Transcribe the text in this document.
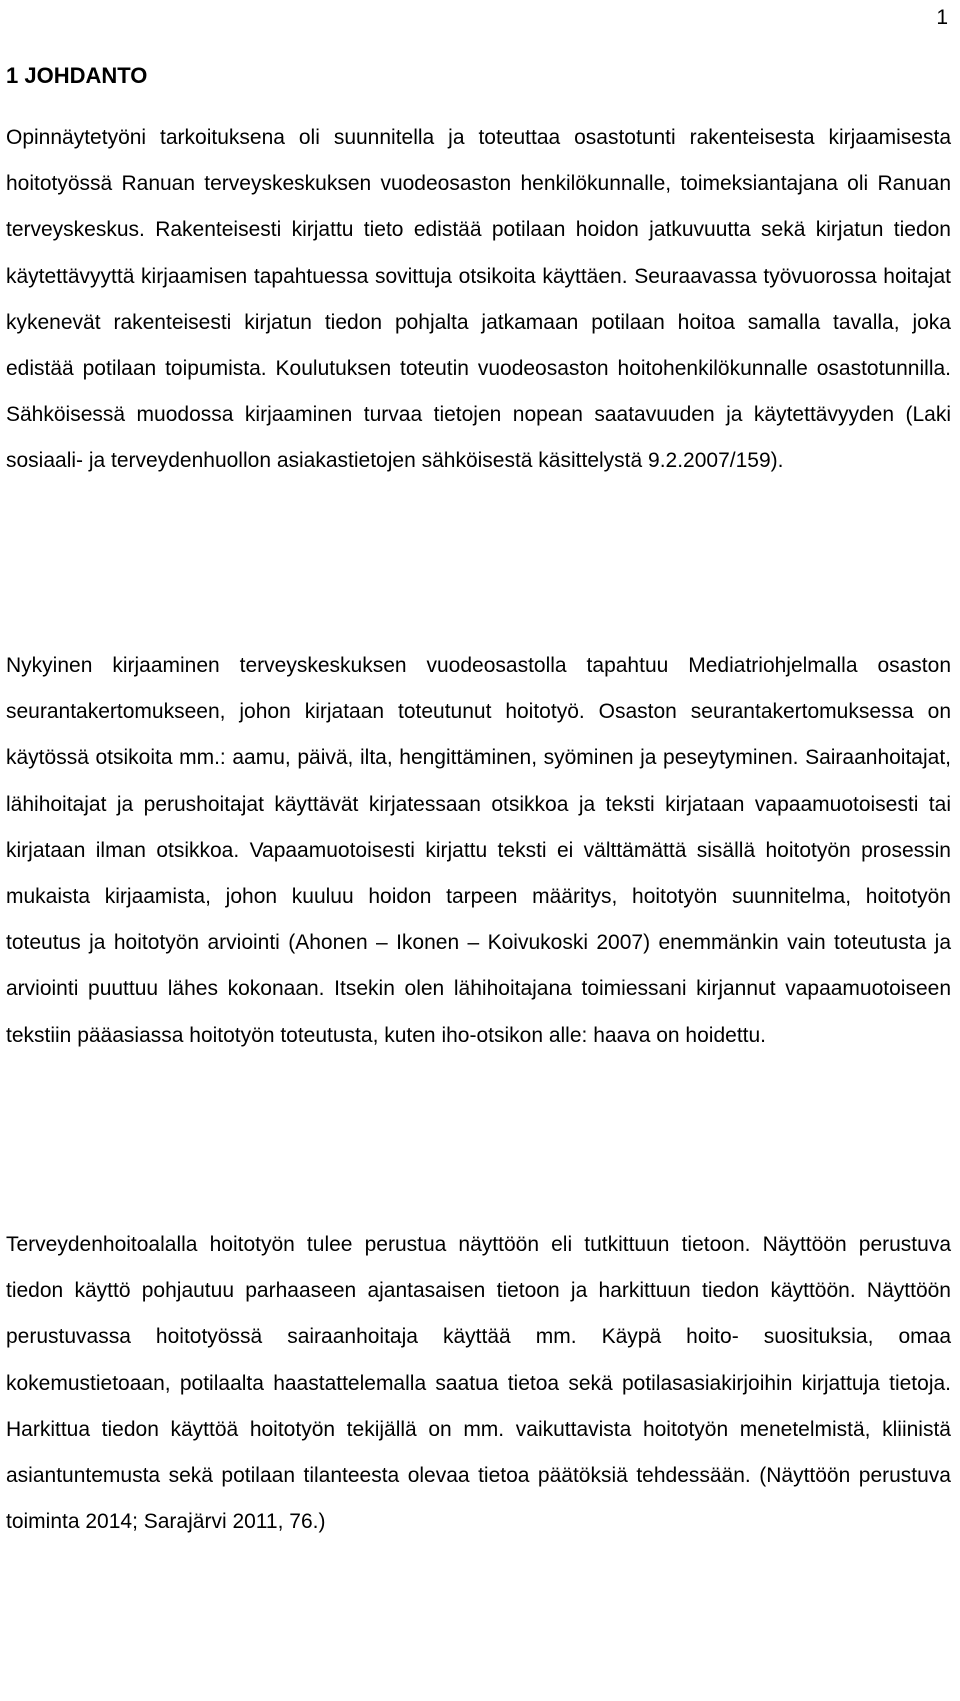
1
1 JOHDANTO

Opinnäytetyöni tarkoituksena oli suunnitella ja toteuttaa osastotunti rakenteisesta kirjaamisesta hoitotyössä Ranuan terveyskeskuksen vuodeosaston henkilökunnalle, toimeksiantajana oli Ranuan terveyskeskus. Rakenteisesti kirjattu tieto edistää potilaan hoidon jatkuvuutta sekä kirjatun tiedon käytettävyyttä kirjaamisen tapahtuessa sovittuja otsikoita käyttäen. Seuraavassa työvuorossa hoitajat kykenevät rakenteisesti kirjatun tiedon pohjalta jatkamaan potilaan hoitoa samalla tavalla, joka edistää potilaan toipumista. Koulutuksen toteutin vuodeosaston hoitohenkilökunnalle osastotunnilla. Sähköisessä muodossa kirjaaminen turvaa tietojen nopean saatavuuden ja käytettävyyden (Laki sosiaali- ja terveydenhuollon asiakastietojen sähköisestä käsittelystä 9.2.2007/159).

Nykyinen kirjaaminen terveyskeskuksen vuodeosastolla tapahtuu Mediatriohjelmalla osaston seurantakertomukseen, johon kirjataan toteutunut hoitotyö. Osaston seurantakertomuksessa on käytössä otsikoita mm.: aamu, päivä, ilta, hengittäminen, syöminen ja peseytyminen. Sairaanhoitajat, lähihoitajat ja perushoitajat käyttävät kirjatessaan otsikkoa ja teksti kirjataan vapaamuotoisesti tai kirjataan ilman otsikkoa. Vapaamuotoisesti kirjattu teksti ei välttämättä sisällä hoitotyön prosessin mukaista kirjaamista, johon kuuluu hoidon tarpeen määritys, hoitotyön suunnitelma, hoitotyön toteutus ja hoitotyön arviointi (Ahonen – Ikonen – Koivukoski 2007) enemmänkin vain toteutusta ja arviointi puuttuu lähes kokonaan. Itsekin olen lähihoitajana toimiessani kirjannut vapaamuotoiseen tekstiin pääasiassa hoitotyön toteutusta, kuten iho-otsikon alle: haava on hoidettu.

Terveydenhoitoalalla hoitotyön tulee perustua näyttöön eli tutkittuun tietoon. Näyttöön perustuva tiedon käyttö pohjautuu parhaaseen ajantasaisen tietoon ja harkittuun tiedon käyttöön. Näyttöön perustuvassa hoitotyössä sairaanhoitaja käyttää mm. Käypä hoito- suosituksia, omaa kokemustietoaan, potilaalta haastattelemalla saatua tietoa sekä potilasasiakirjoihin kirjattuja tietoja. Harkittua tiedon käyttöä hoitotyön tekijällä on mm. vaikuttavista hoitotyön menetelmistä, kliinistä asiantuntemusta sekä potilaan tilanteesta olevaa tietoa päätöksiä tehdessään. (Näyttöön perustuva toiminta 2014; Sarajärvi 2011, 76.)
